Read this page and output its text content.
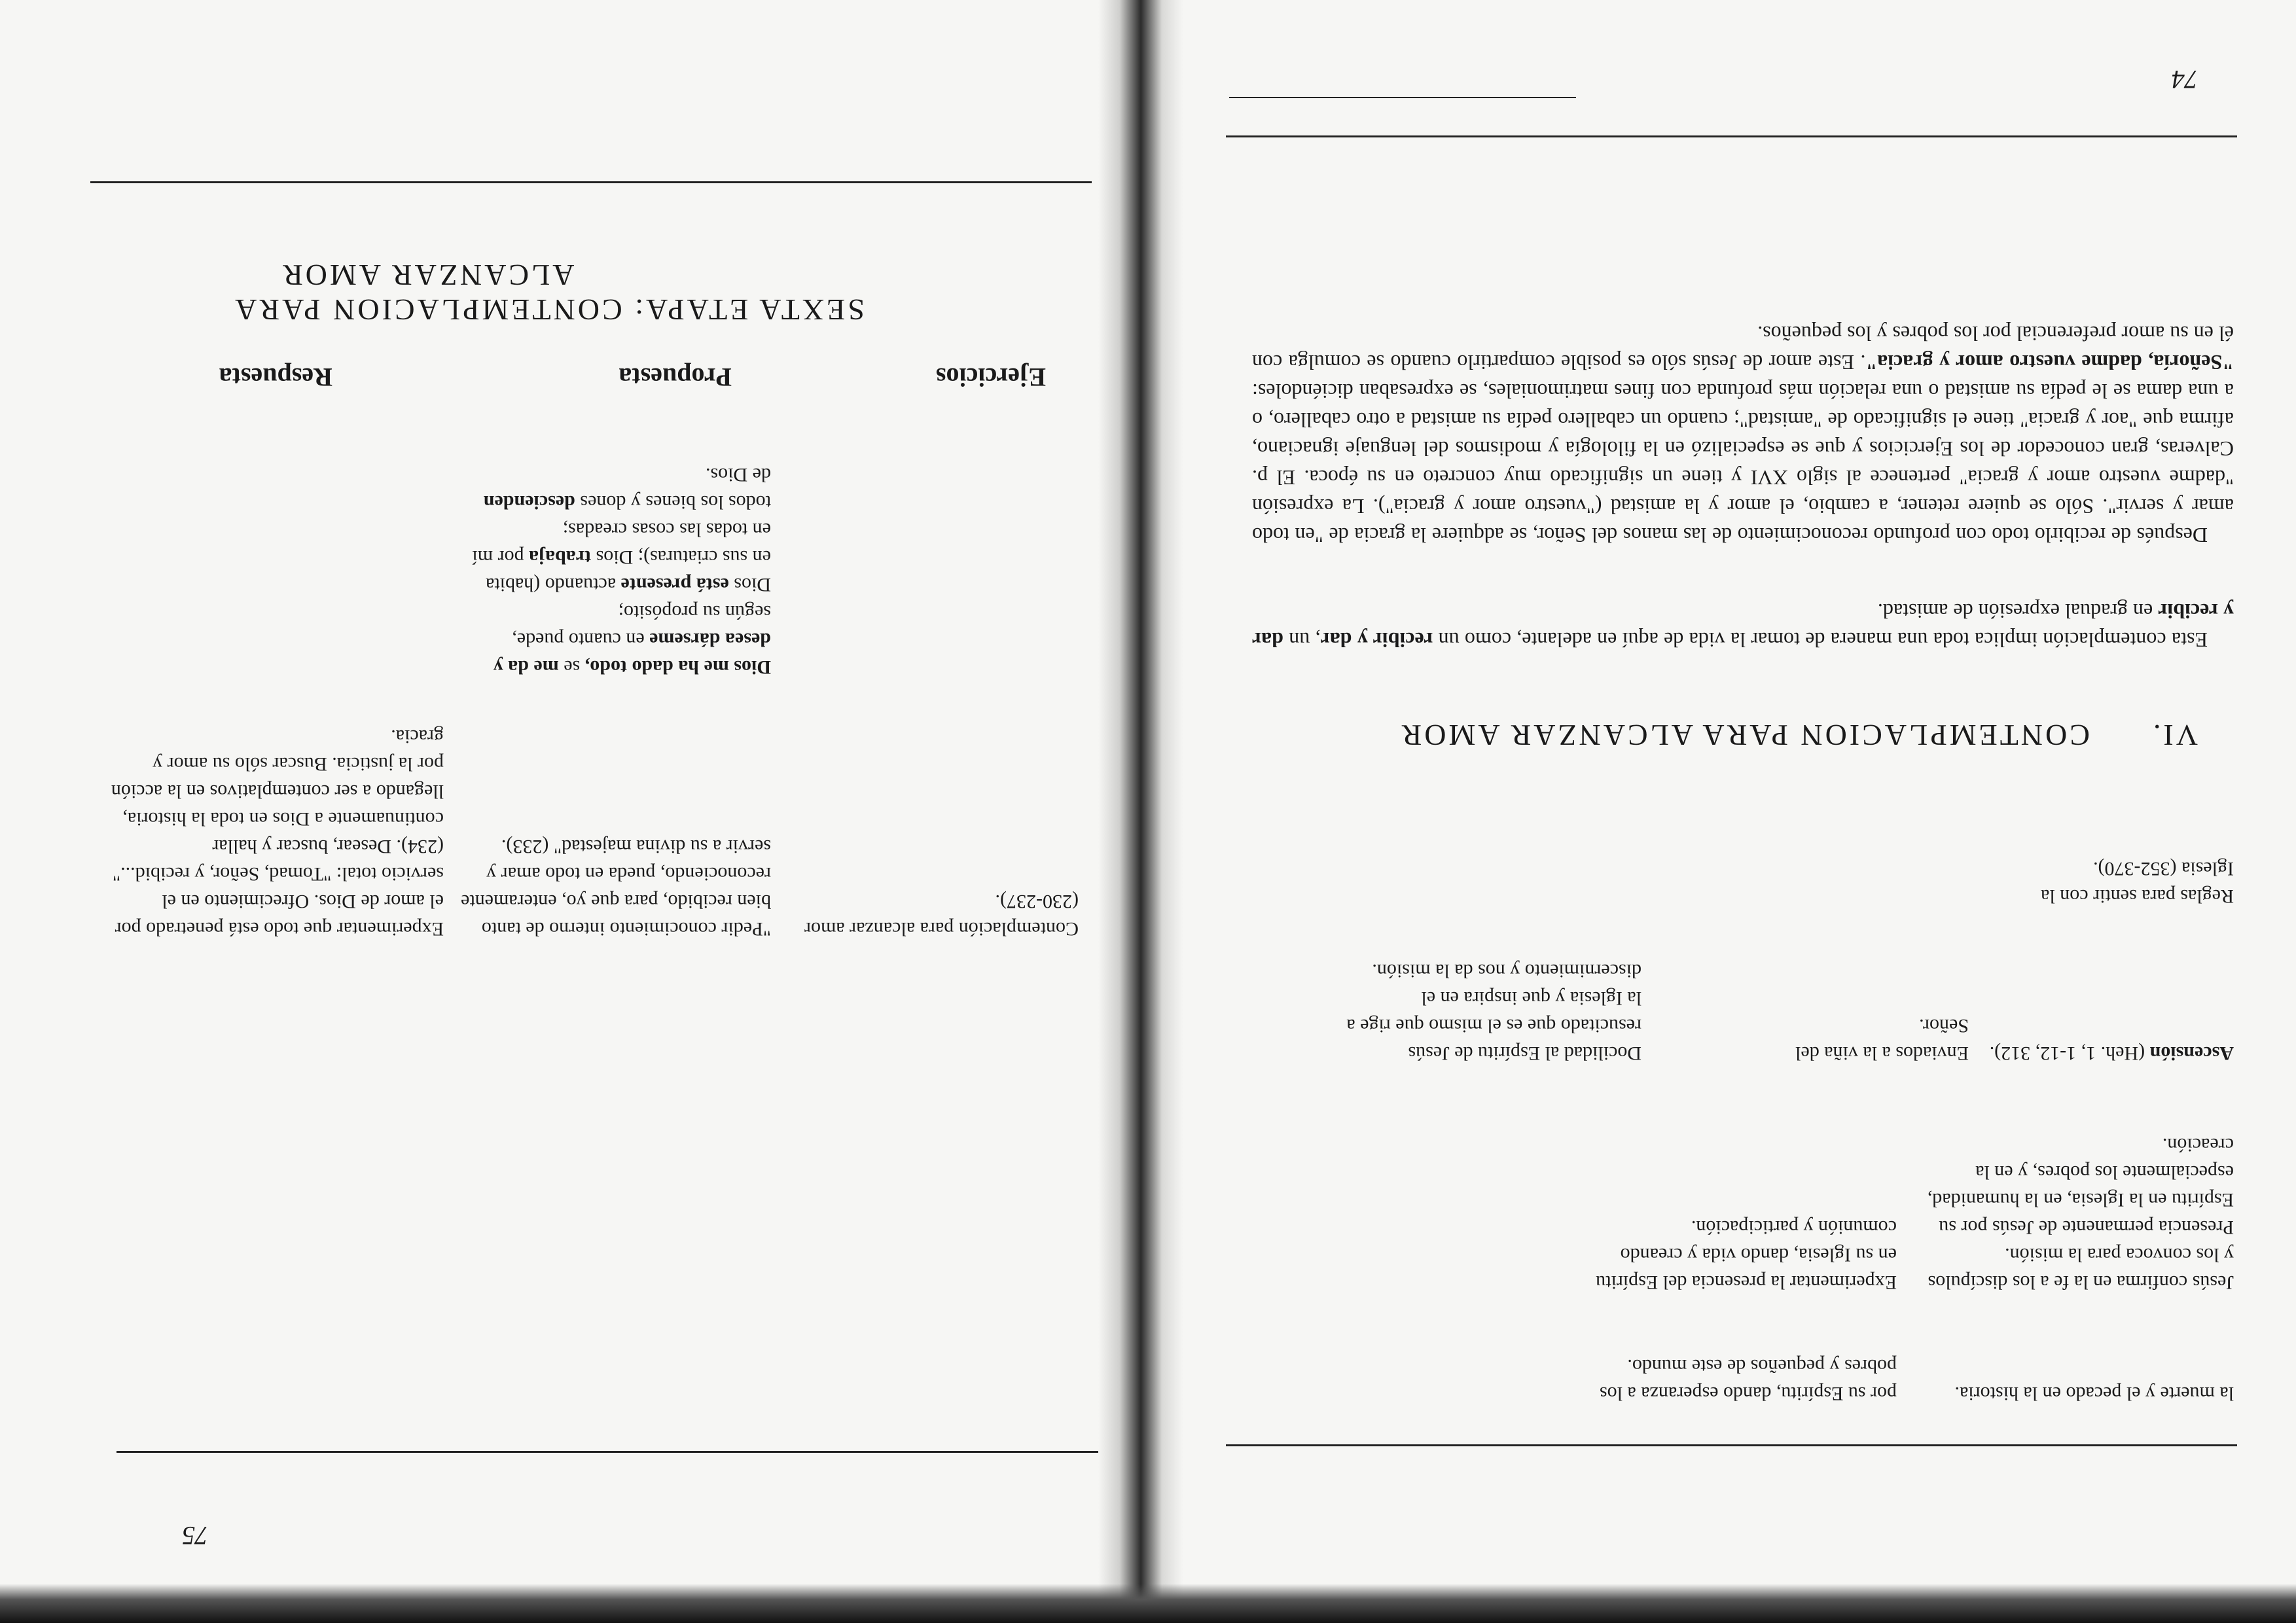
la muerte y el pecado en la historia.
por su Espíritu, dando esperanza a los pobres y pequeños de este mundo.
Jesús confirma en la fe a los discípulos y los convoca para la misión. Presencia permanente de Jesús por su Espíritu en la Iglesia, en la humanidad, especialmente los pobres, y en la creación.
Experimentar la presencia del Espíritu en su Iglesia, dando vida y creando comunión y participación.
Ascensión (Heh. 1, 1-12, 312).
Enviados a la viña del Señor.
Docilidad al Espíritu de Jesús resucitado que es el mismo que rige a la Iglesia y que inspira en el discernimiento y nos da la misión.
Reglas para sentir con la Iglesia (352-370).
VI.      CONTEMPLACION PARA ALCANZAR AMOR
Esta contemplación implica toda una manera de tomar la vida de aquí en adelante, como un recibir y dar, un dar y recibir en gradual expresión de amistad.
Después de recibirlo todo con profundo reconocimiento de las manos del Señor, se adquiere la gracia de "en todo amar y servir". Sólo se quiere retener, a cambio, el amor y la amistad ("vuestro amor y gracia"). La expresión "dadme vuestro amor y gracia" pertenece al siglo XVI y tiene un significado muy concreto en su época. El p. Calveras, gran conocedor de los Ejercicios y que se especializó en la filología y modismos del lenguaje ignaciano, afirma que "aor y gracia" tiene el significado de "amistad"; cuando un caballero pedía su amistad a otro caballero, o a una dama se le pedía su amistad o una relación más profunda con fines matrimoniales, se expresaban diciéndoles: "Señoría, dadme vuestro amor y gracia". Este amor de Jesús sólo es posible compartirlo cuando se comulga con él en su amor preferencial por los pobres y los pequeños.
74
Contemplación para alcanzar amor (230-237).
"Pedir conocimiento interno de tanto bien recibido, para que yo, enteramente reconociendo, pueda en todo amar y servir a su divina majestad" (233).
Experimentar que todo está penetrado por el amor de Dios. Ofrecimiento en el servicio total: "Tomad, Señor, y recibid..." (234). Desear, buscar y hallar continuamente a Dios en toda la historia, llegando a ser contemplativos en la acción por la justicia. Buscar sólo su amor y gracia.
Dios me ha dado todo, se me da y desea dárseme en cuanto puede, según su propósito;
Dios está presente actuando (habita en sus criaturas); Dios trabaja por mí en todas las cosas creadas;
todos los bienes y dones descienden de Dios.
Ejercicios
Propuesta
Respuesta
SEXTA ETAPA: CONTEMPLACION PARA
ALCANZAR AMOR
75
